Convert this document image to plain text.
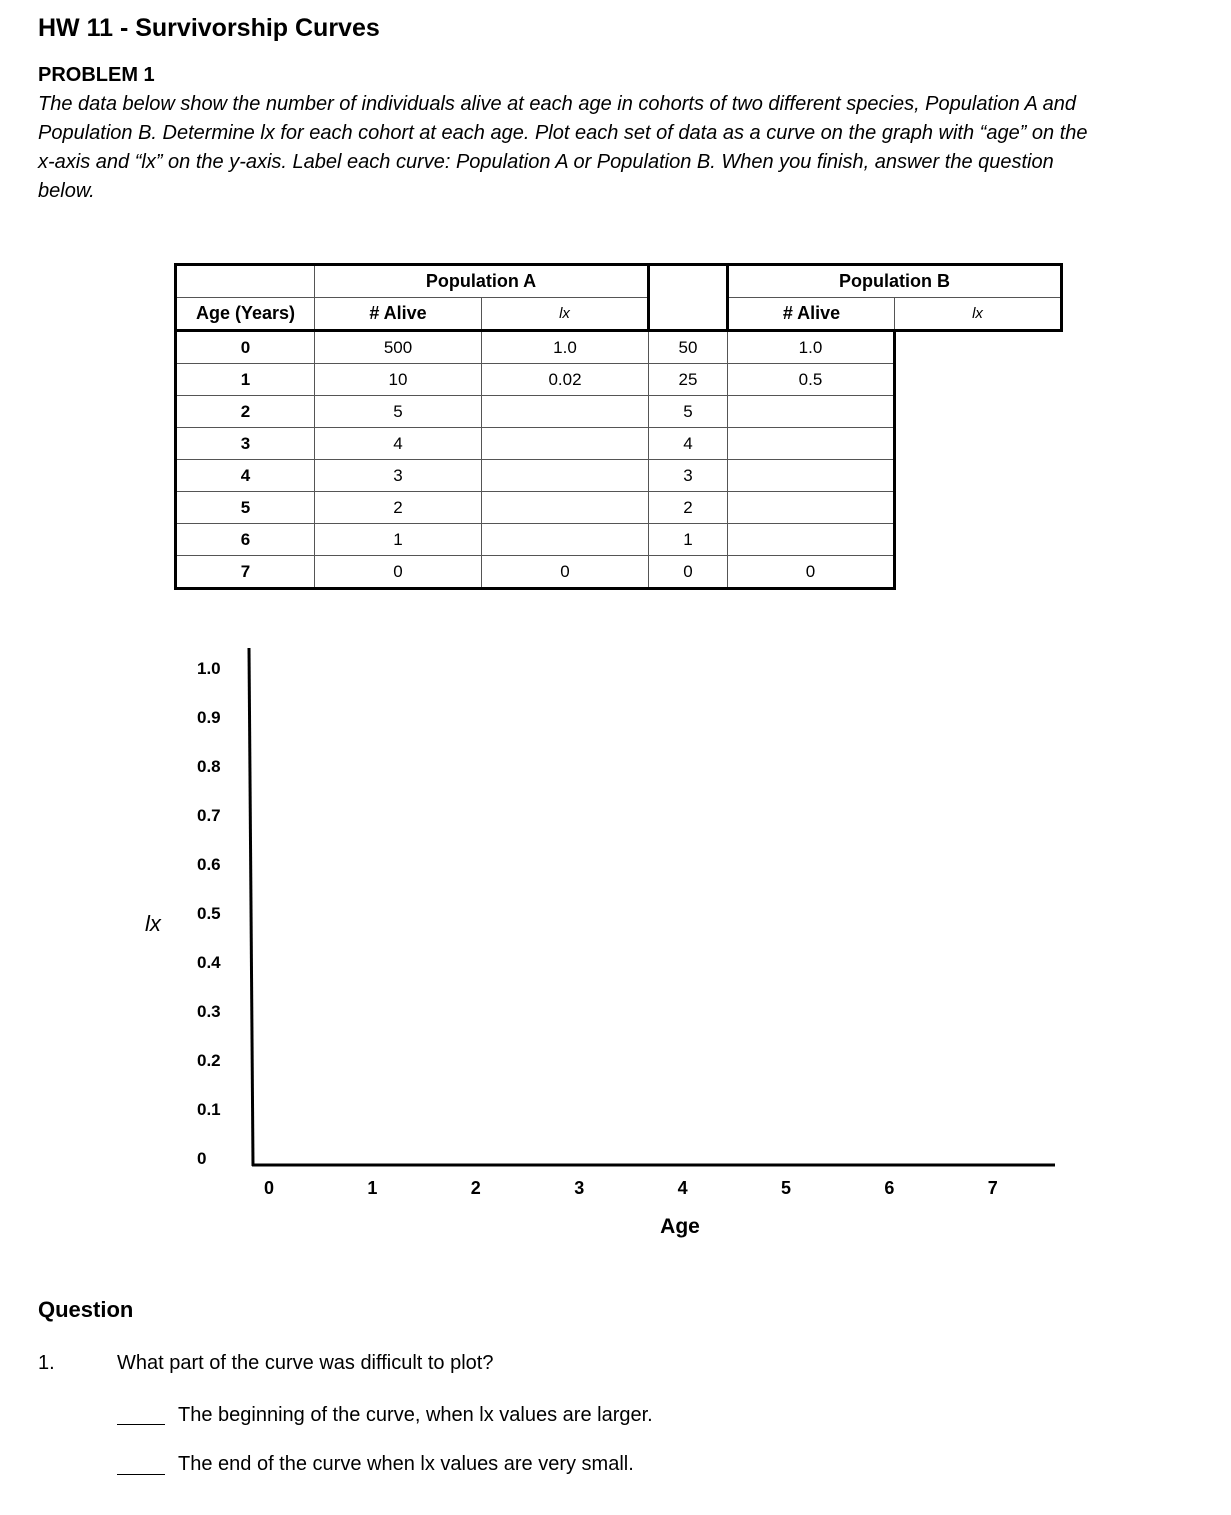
HW 11 - Survivorship Curves
PROBLEM 1
The data below show the number of individuals alive at each age in cohorts of two different species, Population A and
Population B. Determine lx for each cohort at each age. Plot each set of data as a curve on the graph with “age” on the
x-axis and “lx” on the y-axis. Label each curve: Population A or Population B. When you finish, answer the question
below.
	Population A			Population B	
Age (Years)	# Alive	lx		# Alive	lx
0	500	1.0	50	1.0	
1	10	0.02	25	0.5	
2	5		5		
3	4		4		
4	3		3		
5	2		2		
6	1		1		
7	0	0	0	0	
1.0
0.9
0.8
0.7
0.6
0.5
0.4
0.3
0.2
0.1
0
0	1	2	3	4	5	6	7
lx
Age
Question
1.	What part of the curve was difficult to plot?
The beginning of the curve, when lx values are larger.
The end of the curve when lx values are very small.
